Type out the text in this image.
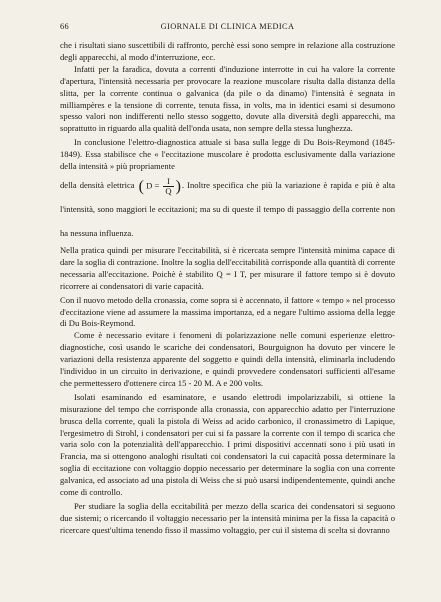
66	GIORNALE DI CLINICA MEDICA

che i risultati siano suscettibili di raffronto, perchè essi sono sempre in relazione alla costruzione degli apparecchi, al modo d'interruzione, ecc.

Infatti per la faradica, dovuta a correnti d'induzione interrotte in cui ha valore la corrente d'apertura, l'intensità necessaria per provocare la reazione muscolare risulta dalla distanza della slitta, per la corrente continua o galvanica (da pile o da dinamo) l'intensità è segnata in milliampères e la tensione di corrente, tenuta fissa, in volts, ma in identici esami si desumono spesso valori non indifferenti nello stesso soggetto, dovute alla diversità degli apparecchi, ma soprattutto in riguardo alla qualità dell'onda usata, non sempre della stessa lunghezza.

In conclusione l'elettro-diagnostica attuale si basa sulla legge di Du Bois-Reymond (1845-1849). Essa stabilisce che « l'eccitazione muscolare è prodotta esclusivamente dalla variazione della intensità » più propriamente

della densità elettrica ( $D = \frac{I}{Q}$ ). Inoltre specifica che più la variazione è rapida e più è alta l'intensità, sono maggiori le eccitazioni; ma su di queste il tempo di passaggio della corrente non ha nessuna influenza.

Nella pratica quindi per misurare l'eccitabilità, si è ricercata sempre l'intensità minima capace di dare la soglia di contrazione. Inoltre la soglia dell'eccitabilità corrisponde alla quantità di corrente necessaria all'eccitazione. Poichè è stabilito Q = I T, per misurare il fattore tempo si è dovuto ricorrere ai condensatori di varie capacità.

Con il nuovo metodo della cronassia, come sopra si è accennato, il fattore « tempo » nel processo d'eccitazione viene ad assumere la massima importanza, ed a negare l'ultimo assioma della legge di Du Bois-Reymond.

Come è necessario evitare i fenomeni di polarizzazione nelle comuni esperienze elettro-diagnostiche, così usando le scariche dei condensatori, Bourguignon ha dovuto per vincere le variazioni della resistenza apparente del soggetto e quindi della intensità, eliminarla includendo l'individuo in un circuito in derivazione, e quindi provvedere condensatori sufficienti all'esame che permettessero d'ottenere circa 15 - 20 M. A e 200 volts.

Isolati esaminando ed esaminatore, e usando elettrodi impolarizzabili, si ottiene la misurazione del tempo che corrisponde alla cronassia, con apparecchio adatto per l'interruzione brusca della corrente, quali la pistola di Weiss ad acido carbonico, il cronassimetro di Lapique, l'ergesimetro di Strohl, i condensatori per cui si fa passare la corrente con il tempo di scarica che varia solo con la potenzialità dell'apparecchio. I primi dispositivi accennati sono i più usati in Francia, ma si ottengono analoghi risultati coi condensatori la cui capacità possa determinare la soglia di eccitazione con voltaggio doppio necessario per determinare la soglia con una corrente galvanica, ed associato ad una pistola di Weiss che si può usarsi indipendentemente, quindi anche come di controllo.

Per studiare la soglia della eccitabilità per mezzo della scarica dei condensatori si seguono due sistemi; o ricercando il voltaggio necessario per la intensità minima per la fissa la capacità o ricercare quest'ultima tenendo fisso il massimo voltaggio, per cui il sistema di scelta si dovranno
